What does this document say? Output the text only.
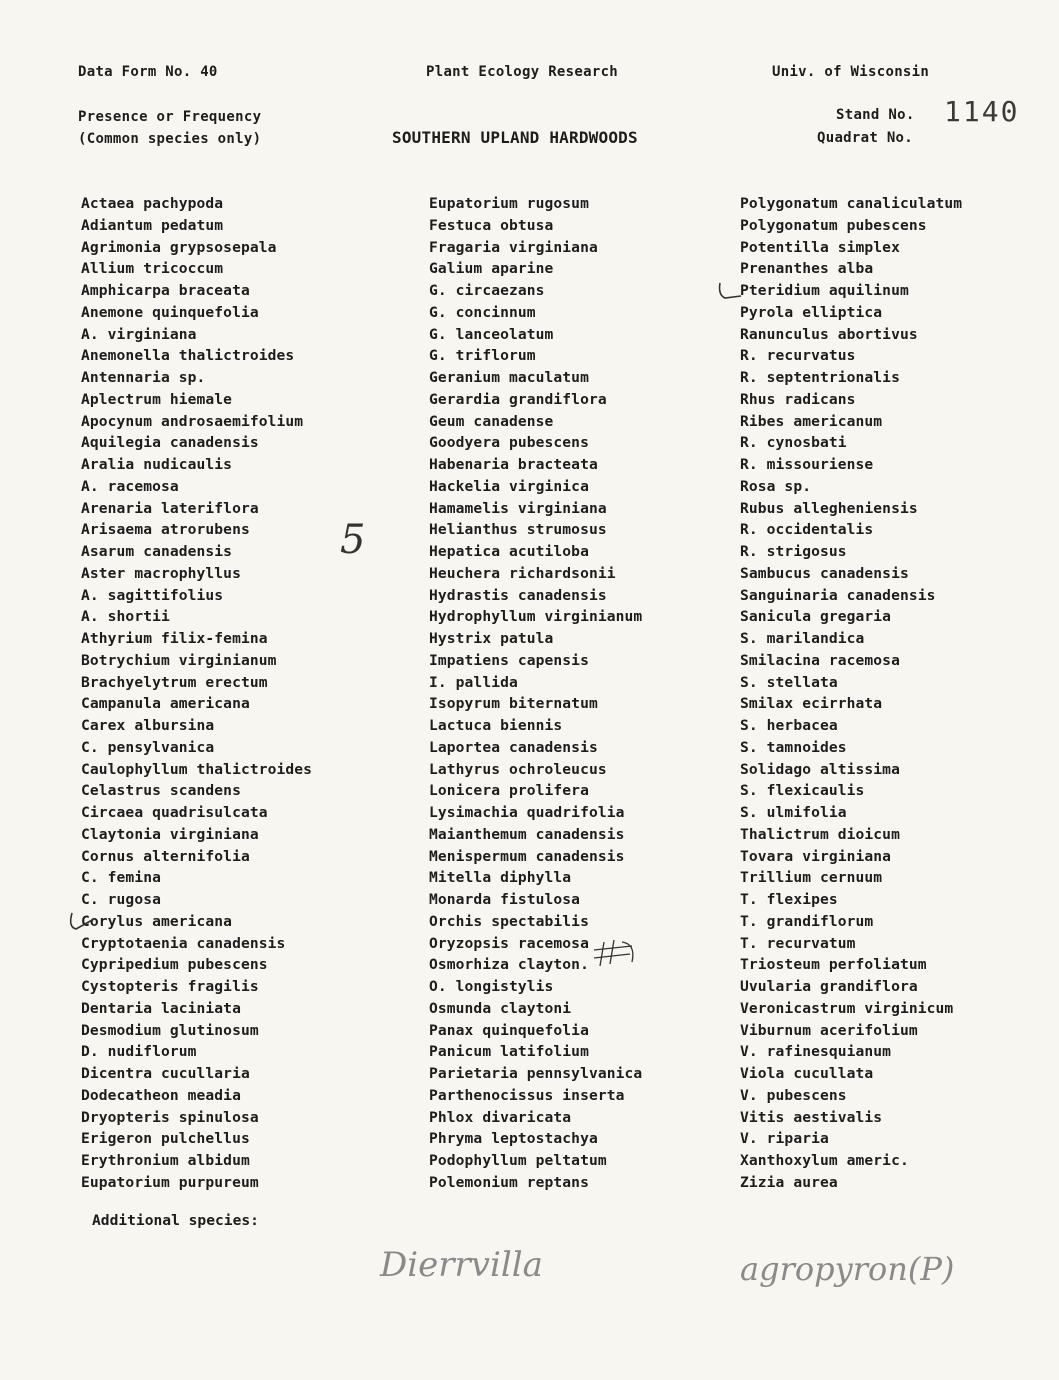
Data Form No. 40	Plant Ecology Research	Univ. of Wisconsin
Presence or Frequency
(Common species only)	SOUTHERN UPLAND HARDWOODS
Stand No.
Quadrat No.
1140
Actaea pachypoda
Adiantum pedatum
Agrimonia grypsosepala
Allium tricoccum
Amphicarpa braceata
Anemone quinquefolia
A. virginiana
Anemonella thalictroides
Antennaria sp.
Aplectrum hiemale
Apocynum androsaemifolium
Aquilegia canadensis
Aralia nudicaulis
A. racemosa
Arenaria lateriflora
Arisaema atrorubens
Asarum canadensis
Aster macrophyllus
A. sagittifolius
A. shortii
Athyrium filix-femina
Botrychium virginianum
Brachyelytrum erectum
Campanula americana
Carex albursina
C. pensylvanica
Caulophyllum thalictroides
Celastrus scandens
Circaea quadrisulcata
Claytonia virginiana
Cornus alternifolia
C. femina
C. rugosa
Corylus americana
Cryptotaenia canadensis
Cypripedium pubescens
Cystopteris fragilis
Dentaria laciniata
Desmodium glutinosum
D. nudiflorum
Dicentra cucullaria
Dodecatheon meadia
Dryopteris spinulosa
Erigeron pulchellus
Erythronium albidum
Eupatorium purpureum
Eupatorium rugosum
Festuca obtusa
Fragaria virginiana
Galium aparine
G. circaezans
G. concinnum
G. lanceolatum
G. triflorum
Geranium maculatum
Gerardia grandiflora
Geum canadense
Goodyera pubescens
Habenaria bracteata
Hackelia virginica
Hamamelis virginiana
Helianthus strumosus
Hepatica acutiloba
Heuchera richardsonii
Hydrastis canadensis
Hydrophyllum virginianum
Hystrix patula
Impatiens capensis
I. pallida
Isopyrum biternatum
Lactuca biennis
Laportea canadensis
Lathyrus ochroleucus
Lonicera prolifera
Lysimachia quadrifolia
Maianthemum canadensis
Menispermum canadensis
Mitella diphylla
Monarda fistulosa
Orchis spectabilis
Oryzopsis racemosa
Osmorhiza clayton.
O. longistylis
Osmunda claytoni
Panax quinquefolia
Panicum latifolium
Parietaria pennsylvanica
Parthenocissus inserta
Phlox divaricata
Phryma leptostachya
Podophyllum peltatum
Polemonium reptans
Polygonatum canaliculatum
Polygonatum pubescens
Potentilla simplex
Prenanthes alba
Pteridium aquilinum
Pyrola elliptica
Ranunculus abortivus
R. recurvatus
R. septentrionalis
Rhus radicans
Ribes americanum
R. cynosbati
R. missouriense
Rosa sp.
Rubus allegheniensis
R. occidentalis
R. strigosus
Sambucus canadensis
Sanguinaria canadensis
Sanicula gregaria
S. marilandica
Smilacina racemosa
S. stellata
Smilax ecirrhata
S. herbacea
S. tamnoides
Solidago altissima
S. flexicaulis
S. ulmifolia
Thalictrum dioicum
Tovara virginiana
Trillium cernuum
T. flexipes
T. grandiflorum
T. recurvatum
Triosteum perfoliatum
Uvularia grandiflora
Veronicastrum virginicum
Viburnum acerifolium
V. rafinesquianum
Viola cucullata
V. pubescens
Vitis aestivalis
V. riparia
Xanthoxylum americ.
Zizia aurea
5
Additional species:
Dierrvilla	agropyron(P)
